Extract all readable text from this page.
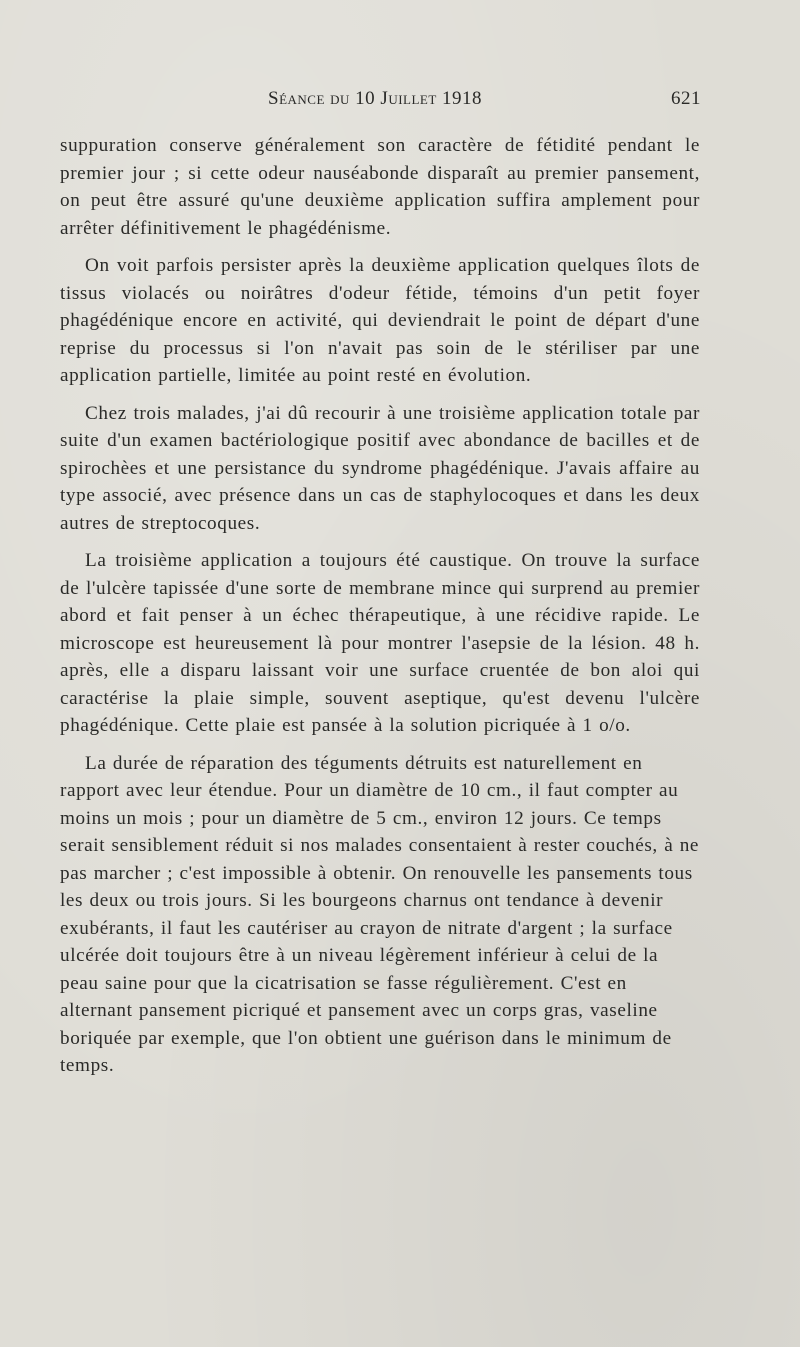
Séance du 10 Juillet 1918	621

suppuration conserve généralement son caractère de fétidité pendant le premier jour ; si cette odeur nauséabonde disparaît au premier pansement, on peut être assuré qu'une deuxième application suffira amplement pour arrêter définitivement le phagédénisme.

On voit parfois persister après la deuxième application quelques îlots de tissus violacés ou noirâtres d'odeur fétide, témoins d'un petit foyer phagédénique encore en activité, qui deviendrait le point de départ d'une reprise du processus si l'on n'avait pas soin de le stériliser par une application partielle, limitée au point resté en évolution.

Chez trois malades, j'ai dû recourir à une troisième application totale par suite d'un examen bactériologique positif avec abondance de bacilles et de spirochèes et une persistance du syndrome phagédénique. J'avais affaire au type associé, avec présence dans un cas de staphylocoques et dans les deux autres de streptocoques.

La troisième application a toujours été caustique. On trouve la surface de l'ulcère tapissée d'une sorte de membrane mince qui surprend au premier abord et fait penser à un échec thérapeutique, à une récidive rapide. Le microscope est heureusement là pour montrer l'asepsie de la lésion. 48 h. après, elle a disparu laissant voir une surface cruentée de bon aloi qui caractérise la plaie simple, souvent aseptique, qu'est devenu l'ulcère phagédénique. Cette plaie est pansée à la solution picriquée à 1 o/o.

La durée de réparation des téguments détruits est naturellement en rapport avec leur étendue. Pour un diamètre de 10 cm., il faut compter au moins un mois ; pour un diamètre de 5 cm., environ 12 jours. Ce temps serait sensiblement réduit si nos malades consentaient à rester couchés, à ne pas marcher ; c'est impossible à obtenir. On renouvelle les pansements tous les deux ou trois jours. Si les bourgeons charnus ont tendance à devenir exubérants, il faut les cautériser au crayon de nitrate d'argent ; la surface ulcérée doit toujours être à un niveau légèrement inférieur à celui de la peau saine pour que la cicatrisation se fasse régulièrement. C'est en alternant pansement picriqué et pansement avec un corps gras, vaseline boriquée par exemple, que l'on obtient une guérison dans le minimum de temps.
